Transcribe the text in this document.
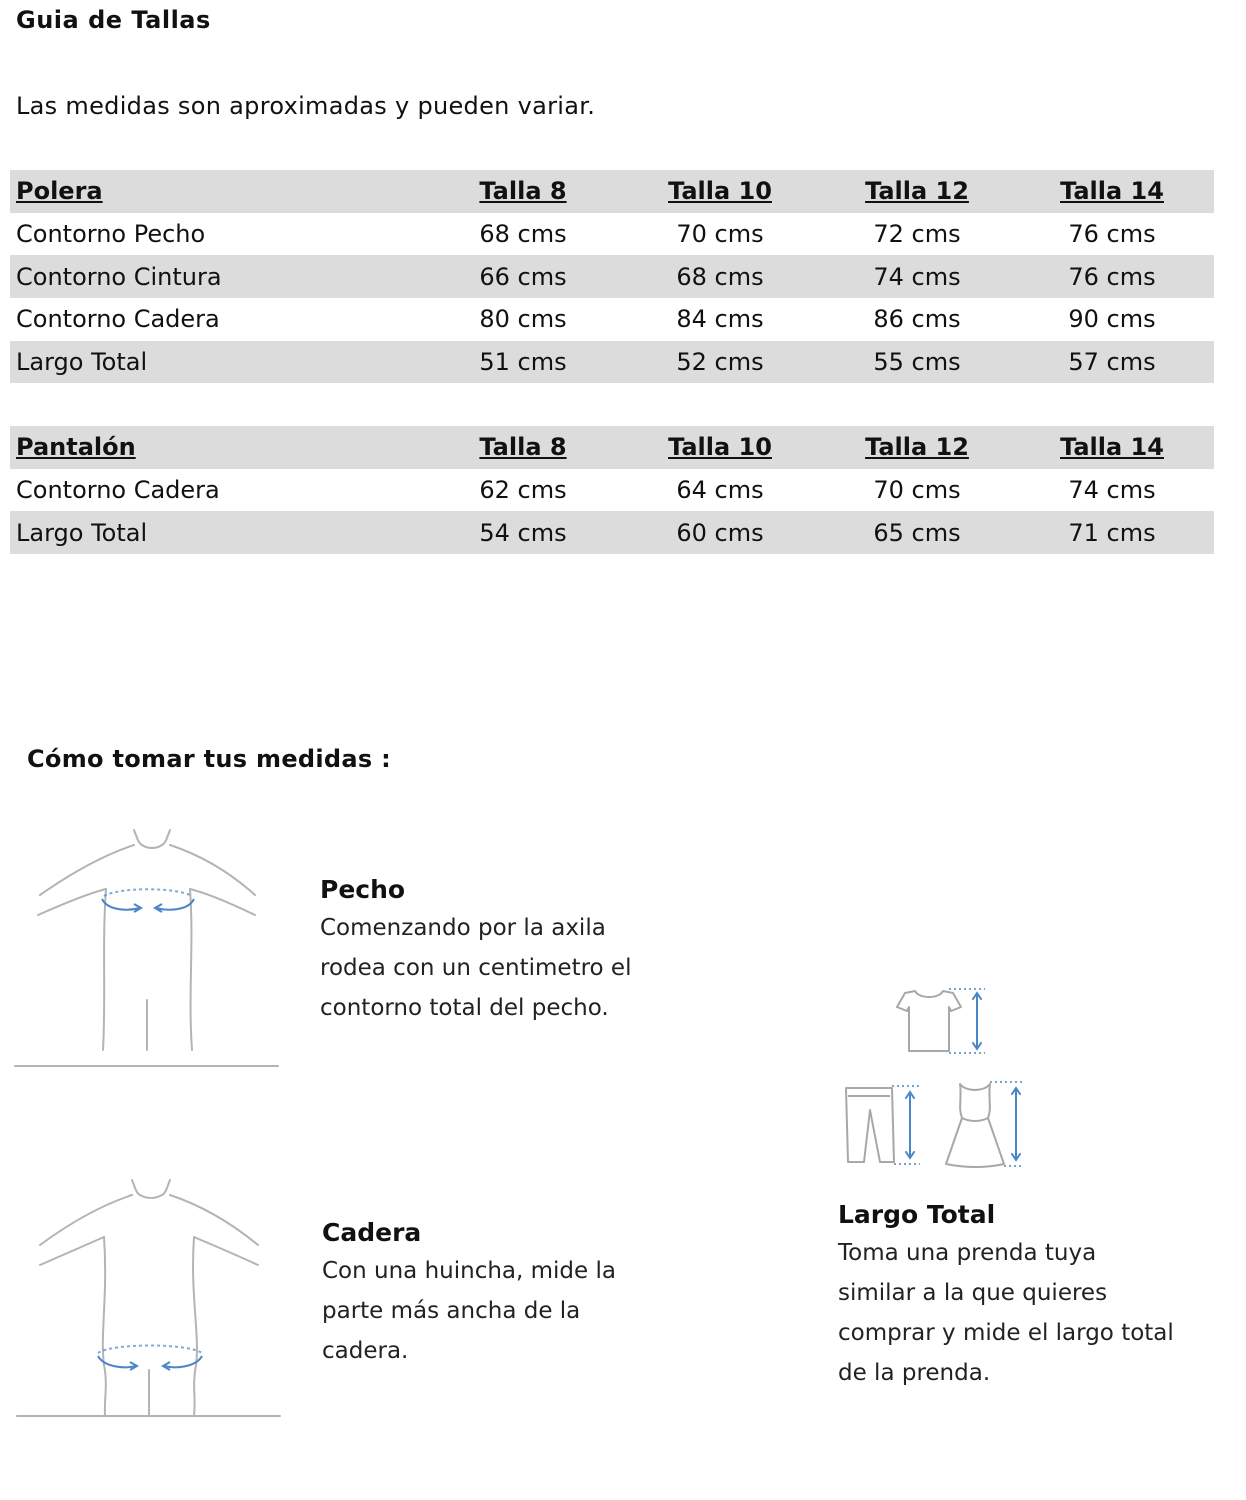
Guia de Tallas
Las medidas son aproximadas y pueden variar.
Polera	Talla 8	Talla 10	Talla 12	Talla 14
Contorno Pecho	68 cms	70 cms	72 cms	76 cms
Contorno Cintura	66 cms	68 cms	74 cms	76 cms
Contorno Cadera	80 cms	84 cms	86 cms	90 cms
Largo Total	51 cms	52 cms	55 cms	57 cms
Pantalón	Talla 8	Talla 10	Talla 12	Talla 14
Contorno Cadera	62 cms	64 cms	70 cms	74 cms
Largo Total	54 cms	60 cms	65 cms	71 cms
Cómo tomar tus medidas :
Pecho
Comenzando por la axila
rodea con un centimetro el
contorno total del pecho.
Cadera
Con una huincha, mide la
parte más ancha de la
cadera.
Largo Total
Toma una prenda tuya
similar a la que quieres
comprar y mide el largo total
de la prenda.
